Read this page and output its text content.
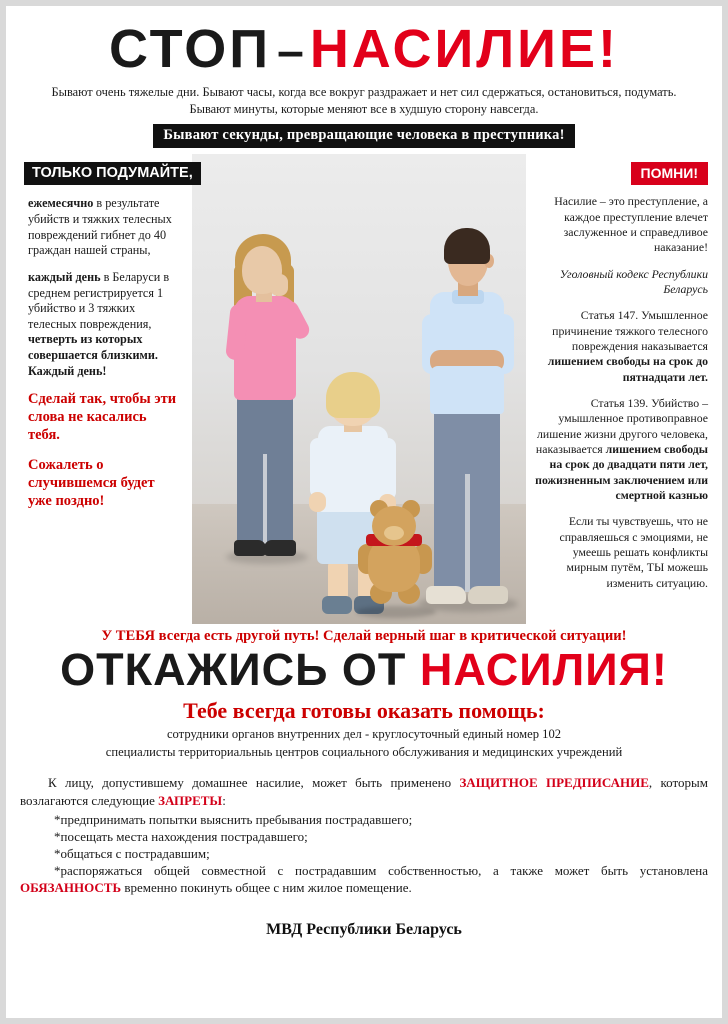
СТОП – НАСИЛИЕ!
Бывают очень тяжелые дни. Бывают часы, когда все вокруг раздражает и нет сил сдержаться, остановиться, подумать. Бывают минуты, которые меняют все в худшую сторону навсегда.
Бывают секунды, превращающие человека в преступника!
ТОЛЬКО ПОДУМАЙТЕ,

ежемесячно в результате убийств и тяжких телесных повреждений гибнет до 40 граждан нашей страны,

каждый день в Беларуси в среднем регистрируется 1 убийство и 3 тяжких телесных повреждения, четверть из которых совершается близкими. Каждый день!

Сделай так, чтобы эти слова не касались тебя.

Сожалеть о случившемся будет уже поздно!

ПОМНИ!

Насилие – это преступление, а каждое преступление влечет заслуженное и справедливое наказание!

Уголовный кодекс Республики Беларусь

Статья 147. Умышленное причинение тяжкого телесного повреждения наказывается лишением свободы на срок до пятнадцати лет.

Статья 139. Убийство – умышленное противоправное лишение жизни другого человека, наказывается лишением свободы на срок до двадцати пяти лет, пожизненным заключением или смертной казнью

Если ты чувствуешь, что не справляешься с эмоциями, не умеешь решать конфликты мирным путём, ТЫ можешь изменить ситуацию.

У ТЕБЯ всегда есть другой путь! Сделай верный шаг в критической ситуации!
ОТКАЖИСЬ ОТ НАСИЛИЯ!
Тебе всегда готовы оказать помощь:
сотрудники органов внутренних дел - круглосуточный единый номер 102
специалисты территориальныь центров социального обслуживания и медицинских учреждений
К лицу, допустившему домашнее насилие, может быть применено ЗАЩИТНОЕ ПРЕДПИСАНИЕ, которым возлагаются следующие ЗАПРЕТЫ:
*предпринимать попытки выяснить пребывания пострадавшего;
*посещать места нахождения пострадавшего;
*общаться с пострадавшим;
*распоряжаться общей совместной с пострадавшим собственностью, а также может быть установлена ОБЯЗАННОСТЬ временно покинуть общее с ним жилое помещение.
МВД Республики Беларусь
